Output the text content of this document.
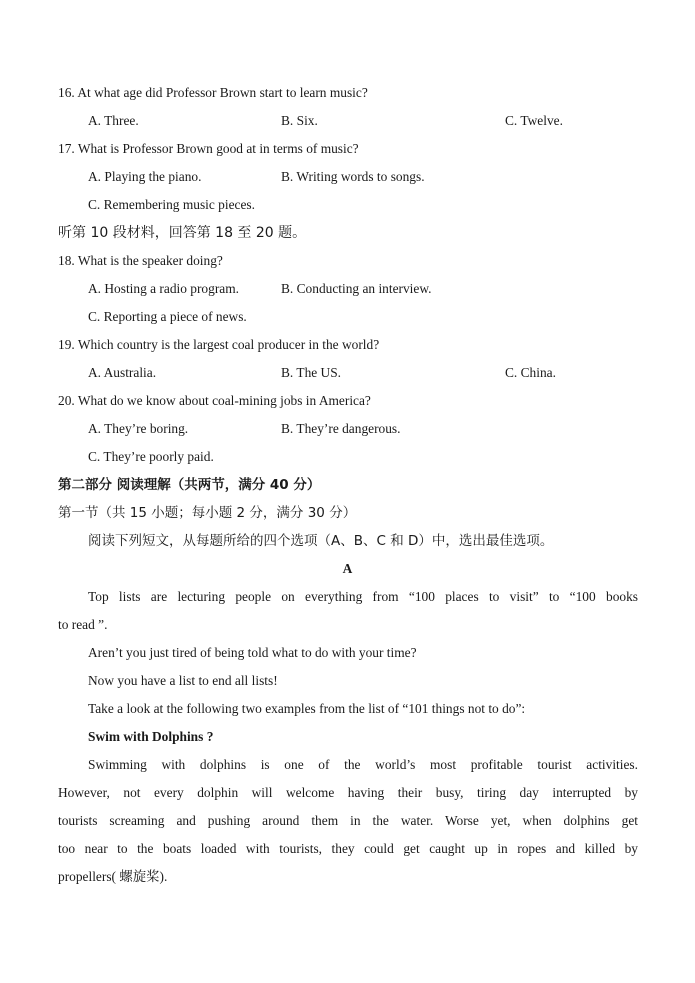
16. At what age did Professor Brown start to learn music?
A. Three.	B. Six.	C. Twelve.
17. What is Professor Brown good at in terms of music?
A. Playing the piano.	B. Writing words to songs.
C. Remembering music pieces.
听第 10 段材料，回答第 18 至 20 题。
18. What is the speaker doing?
A. Hosting a radio program.	B. Conducting an interview.
C. Reporting a piece of news.
19. Which country is the largest coal producer in the world?
A. Australia.	B. The US.	C. China.
20. What do we know about coal-mining jobs in America?
A. They’re boring.	B. They’re dangerous.
C. They’re poorly paid.
第二部分 阅读理解（共两节，满分 40 分）
第一节（共 15 小题；每小题 2 分，满分 30 分）
阅读下列短文，从每题所给的四个选项（A、B、C 和 D）中，选出最佳选项。
A
Top lists are lecturing people on everything from “100 places to visit” to “100 books
to read ”.
Aren’t you just tired of being told what to do with your time?
Now you have a list to end all lists!
Take a look at the following two examples from the list of “101 things not to do”:
Swim with Dolphins ?
Swimming with dolphins is one of the world’s most profitable tourist activities.
However, not every dolphin will welcome having their busy, tiring day interrupted by
tourists screaming and pushing around them in the water. Worse yet, when dolphins get
too near to the boats loaded with tourists, they could get caught up in ropes and killed by
propellers( 螺旋桨).
